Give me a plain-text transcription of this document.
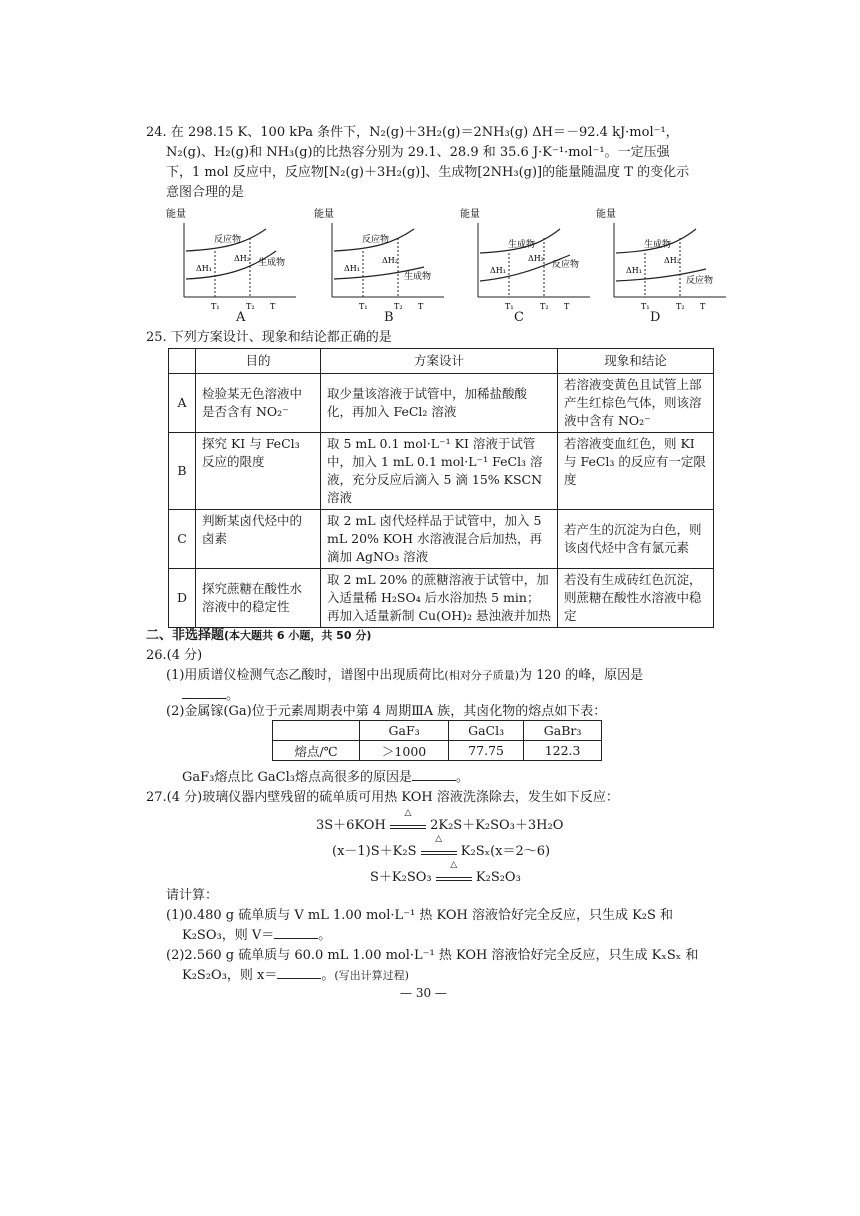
24. 在 298.15 K、100 kPa 条件下，N₂(g)＋3H₂(g)＝2NH₃(g) ΔH＝－92.4 kJ·mol⁻¹，
N₂(g)、H₂(g)和 NH₃(g)的比热容分别为 29.1、28.9 和 35.6 J·K⁻¹·mol⁻¹。一定压强
下，1 mol 反应中，反应物[N₂(g)＋3H₂(g)]、生成物[2NH₃(g)]的能量随温度 T 的变化示
意图合理的是
能量
反应物
生成物
ΔH₁
ΔH₂
T₁	T₂ T
A
能量
反应物
生成物
ΔH₁
ΔH₂
T₁	T₂ T
B
能量
生成物
反应物
ΔH₁
ΔH₂
T₁	T₂ T
C
能量
生成物
反应物
ΔH₁
ΔH₂
T₁	T₂ T
D
25. 下列方案设计、现象和结论都正确的是
	目的	方案设计	现象和结论
A	检验某无色溶液中是否含有 NO₂⁻	取少量该溶液于试管中，加稀盐酸酸化，再加入 FeCl₂ 溶液	若溶液变黄色且试管上部产生红棕色气体，则该溶液中含有 NO₂⁻
B	探究 KI 与 FeCl₃ 反应的限度	取 5 mL 0.1 mol·L⁻¹ KI 溶液于试管中，加入 1 mL 0.1 mol·L⁻¹ FeCl₃ 溶液，充分反应后滴入 5 滴 15% KSCN 溶液	若溶液变血红色，则 KI 与 FeCl₃ 的反应有一定限度
C	判断某卤代烃中的卤素	取 2 mL 卤代烃样品于试管中，加入 5 mL 20% KOH 水溶液混合后加热，再滴加 AgNO₃ 溶液	若产生的沉淀为白色，则该卤代烃中含有氯元素
D	探究蔗糖在酸性水溶液中的稳定性	取 2 mL 20% 的蔗糖溶液于试管中，加入适量稀 H₂SO₄ 后水浴加热 5 min；再加入适量新制 Cu(OH)₂ 悬浊液并加热	若没有生成砖红色沉淀，则蔗糖在酸性水溶液中稳定
二、非选择题(本大题共 6 小题，共 50 分)
26.(4 分)
(1)用质谱仪检测气态乙酸时，谱图中出现质荷比(相对分子质量)为 120 的峰，原因是
。
(2)金属镓(Ga)位于元素周期表中第 4 周期ⅢA 族，其卤化物的熔点如下表：
	GaF₃	GaCl₃	GaBr₃
熔点/℃	＞1000	77.75	122.3
GaF₃熔点比 GaCl₃熔点高很多的原因是	。
27.(4 分)玻璃仪器内壁残留的硫单质可用热 KOH 溶液洗涤除去，发生如下反应：
3S＋6KOH
△
2K₂S＋K₂SO₃＋3H₂O
(x－1)S＋K₂S
△
K₂Sₓ(x＝2～6)
S＋K₂SO₃
△
K₂S₂O₃
请计算：
(1)0.480 g 硫单质与 V mL 1.00 mol·L⁻¹ 热 KOH 溶液恰好完全反应，只生成 K₂S 和
K₂SO₃，则 V＝	。
(2)2.560 g 硫单质与 60.0 mL 1.00 mol·L⁻¹ 热 KOH 溶液恰好完全反应，只生成 KₓSₓ 和
K₂S₂O₃，则 x＝	。(写出计算过程)
— 30 —
